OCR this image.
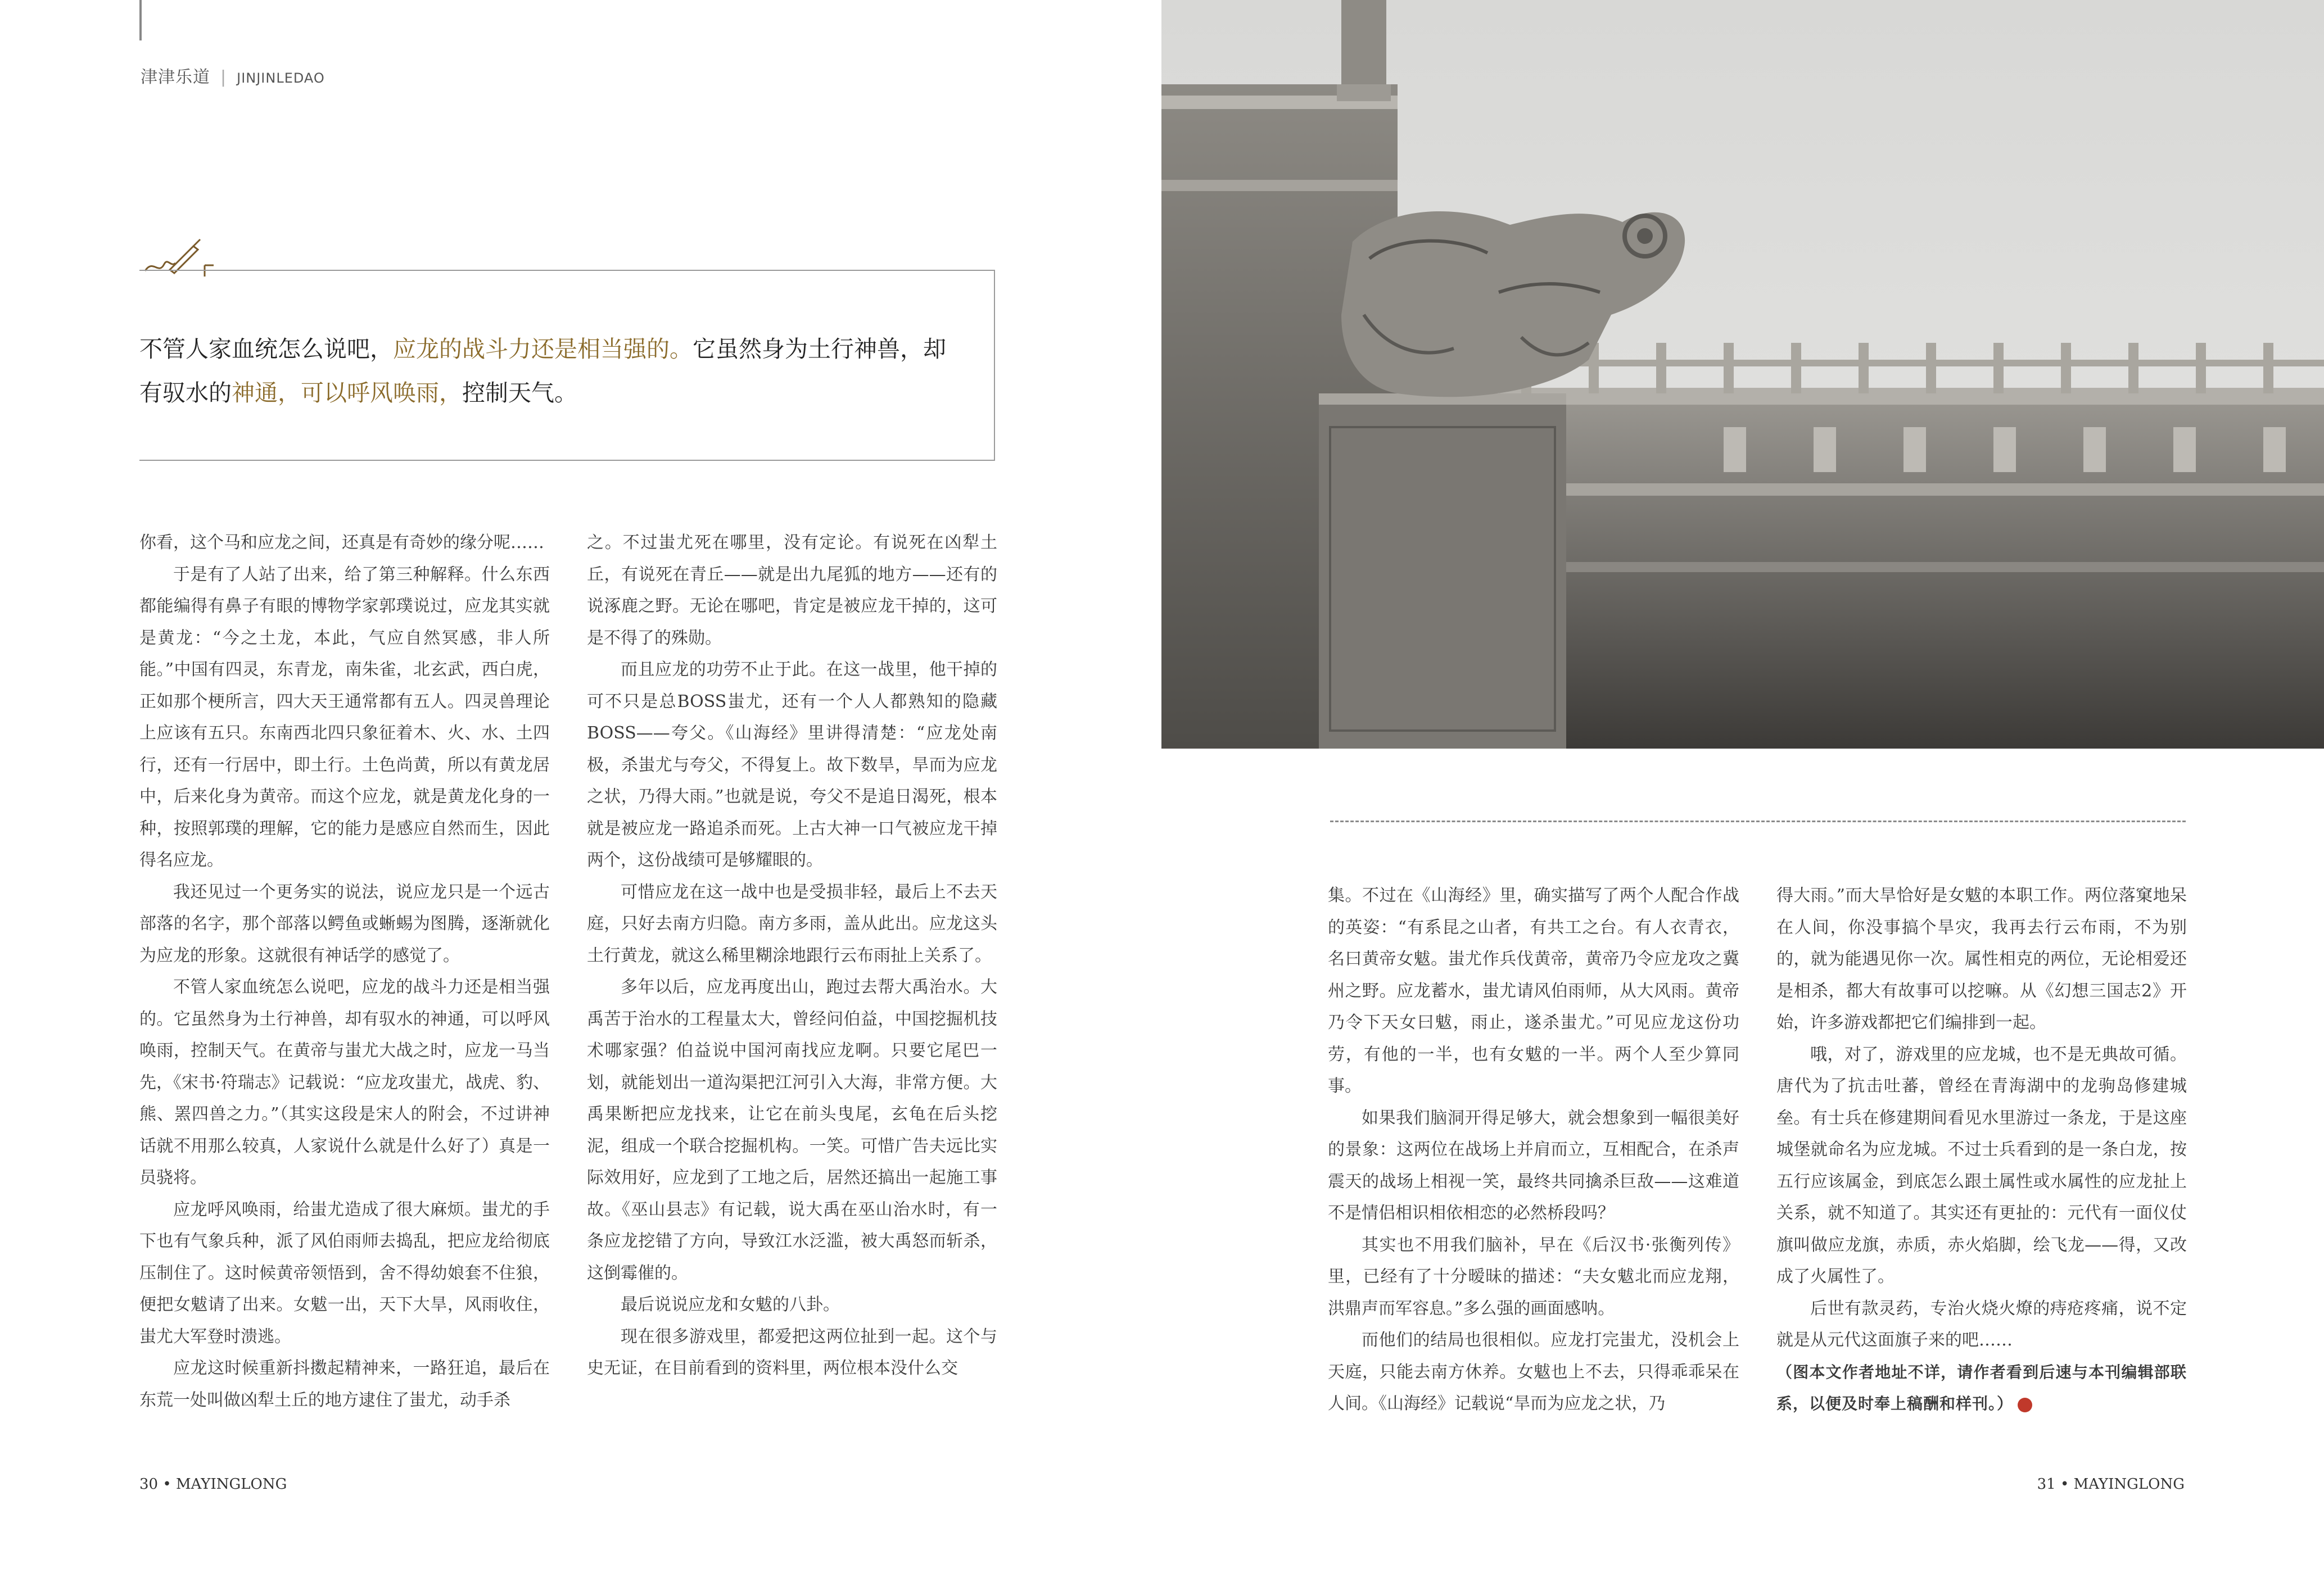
津津乐道 | JINJINLEDAO
不管人家血统怎么说吧，应龙的战斗力还是相当强的。它虽然身为土行神兽，却有驭水的神通，可以呼风唤雨，控制天气。

你看，这个马和应龙之间，还真是有奇妙的缘分呢……

于是有了人站了出来，给了第三种解释。什么东西都能编得有鼻子有眼的博物学家郭璞说过，应龙其实就是黄龙：“今之土龙，本此，气应自然冥感，非人所能。”中国有四灵，东青龙，南朱雀，北玄武，西白虎，正如那个梗所言，四大天王通常都有五人。四灵兽理论上应该有五只。东南西北四只象征着木、火、水、土四行，还有一行居中，即土行。土色尚黄，所以有黄龙居中，后来化身为黄帝。而这个应龙，就是黄龙化身的一种，按照郭璞的理解，它的能力是感应自然而生，因此得名应龙。

我还见过一个更务实的说法，说应龙只是一个远古部落的名字，那个部落以鳄鱼或蜥蜴为图腾，逐渐就化为应龙的形象。这就很有神话学的感觉了。

不管人家血统怎么说吧，应龙的战斗力还是相当强的。它虽然身为土行神兽，却有驭水的神通，可以呼风唤雨，控制天气。在黄帝与蚩尤大战之时，应龙一马当先，《宋书·符瑞志》记载说：“应龙攻蚩尤，战虎、豹、熊、罴四兽之力。”（其实这段是宋人的附会，不过讲神话就不用那么较真，人家说什么就是什么好了）真是一员骁将。

应龙呼风唤雨，给蚩尤造成了很大麻烦。蚩尤的手下也有气象兵种，派了风伯雨师去捣乱，把应龙给彻底压制住了。这时候黄帝领悟到，舍不得幼娘套不住狼，便把女魃请了出来。女魃一出，天下大旱，风雨收住，蚩尤大军登时溃逃。

应龙这时候重新抖擞起精神来，一路狂追，最后在东荒一处叫做凶犁土丘的地方逮住了蚩尤，动手杀

之。不过蚩尤死在哪里，没有定论。有说死在凶犁土丘，有说死在青丘——就是出九尾狐的地方——还有的说涿鹿之野。无论在哪吧，肯定是被应龙干掉的，这可是不得了的殊勋。

而且应龙的功劳不止于此。在这一战里，他干掉的可不只是总BOSS蚩尤，还有一个人人都熟知的隐藏BOSS——夸父。《山海经》里讲得清楚：“应龙处南极，杀蚩尤与夸父，不得复上。故下数旱，旱而为应龙之状，乃得大雨。”也就是说，夸父不是追日渴死，根本就是被应龙一路追杀而死。上古大神一口气被应龙干掉两个，这份战绩可是够耀眼的。

可惜应龙在这一战中也是受损非轻，最后上不去天庭，只好去南方归隐。南方多雨，盖从此出。应龙这头土行黄龙，就这么稀里糊涂地跟行云布雨扯上关系了。

多年以后，应龙再度出山，跑过去帮大禹治水。大禹苦于治水的工程量太大，曾经问伯益，中国挖掘机技术哪家强？伯益说中国河南找应龙啊。只要它尾巴一划，就能划出一道沟渠把江河引入大海，非常方便。大禹果断把应龙找来，让它在前头曳尾，玄龟在后头挖泥，组成一个联合挖掘机构。一笑。可惜广告夫远比实际效用好，应龙到了工地之后，居然还搞出一起施工事故。《巫山县志》有记载，说大禹在巫山治水时，有一条应龙挖错了方向，导致江水泛滥，被大禹怒而斩杀，这倒霉催的。

最后说说应龙和女魃的八卦。

现在很多游戏里，都爱把这两位扯到一起。这个与史无证，在目前看到的资料里，两位根本没什么交

集。不过在《山海经》里，确实描写了两个人配合作战的英姿：“有系昆之山者，有共工之台。有人衣青衣，名曰黄帝女魃。蚩尤作兵伐黄帝，黄帝乃令应龙攻之冀州之野。应龙蓄水，蚩尤请风伯雨师，从大风雨。黄帝乃令下天女曰魃，雨止，遂杀蚩尤。”可见应龙这份功劳，有他的一半，也有女魃的一半。两个人至少算同事。

如果我们脑洞开得足够大，就会想象到一幅很美好的景象：这两位在战场上并肩而立，互相配合，在杀声震天的战场上相视一笑，最终共同擒杀巨敌——这难道不是情侣相识相依相恋的必然桥段吗？

其实也不用我们脑补，早在《后汉书·张衡列传》里，已经有了十分暧昧的描述：“夫女魃北而应龙翔，洪鼎声而军容息。”多么强的画面感呐。

而他们的结局也很相似。应龙打完蚩尤，没机会上天庭，只能去南方休养。女魃也上不去，只得乖乖呆在人间。《山海经》记载说“旱而为应龙之状，乃

得大雨。”而大旱恰好是女魃的本职工作。两位落窠地呆在人间，你没事搞个旱灾，我再去行云布雨，不为别的，就为能遇见你一次。属性相克的两位，无论相爱还是相杀，都大有故事可以挖嘛。从《幻想三国志2》开始，许多游戏都把它们编排到一起。

哦，对了，游戏里的应龙城，也不是无典故可循。唐代为了抗击吐蕃，曾经在青海湖中的龙驹岛修建城垒。有士兵在修建期间看见水里游过一条龙，于是这座城堡就命名为应龙城。不过士兵看到的是一条白龙，按五行应该属金，到底怎么跟土属性或水属性的应龙扯上关系，就不知道了。其实还有更扯的：元代有一面仪仗旗叫做应龙旗，赤质，赤火焰脚，绘飞龙——得，又改成了火属性了。

后世有款灵药，专治火烧火燎的痔疮疼痛，说不定就是从元代这面旗子来的吧……

（图本文作者地址不详，请作者看到后速与本刊编辑部联系，以便及时奉上稿酬和样刊。）

30 • MAYINGLONG	31 • MAYINGLONG
